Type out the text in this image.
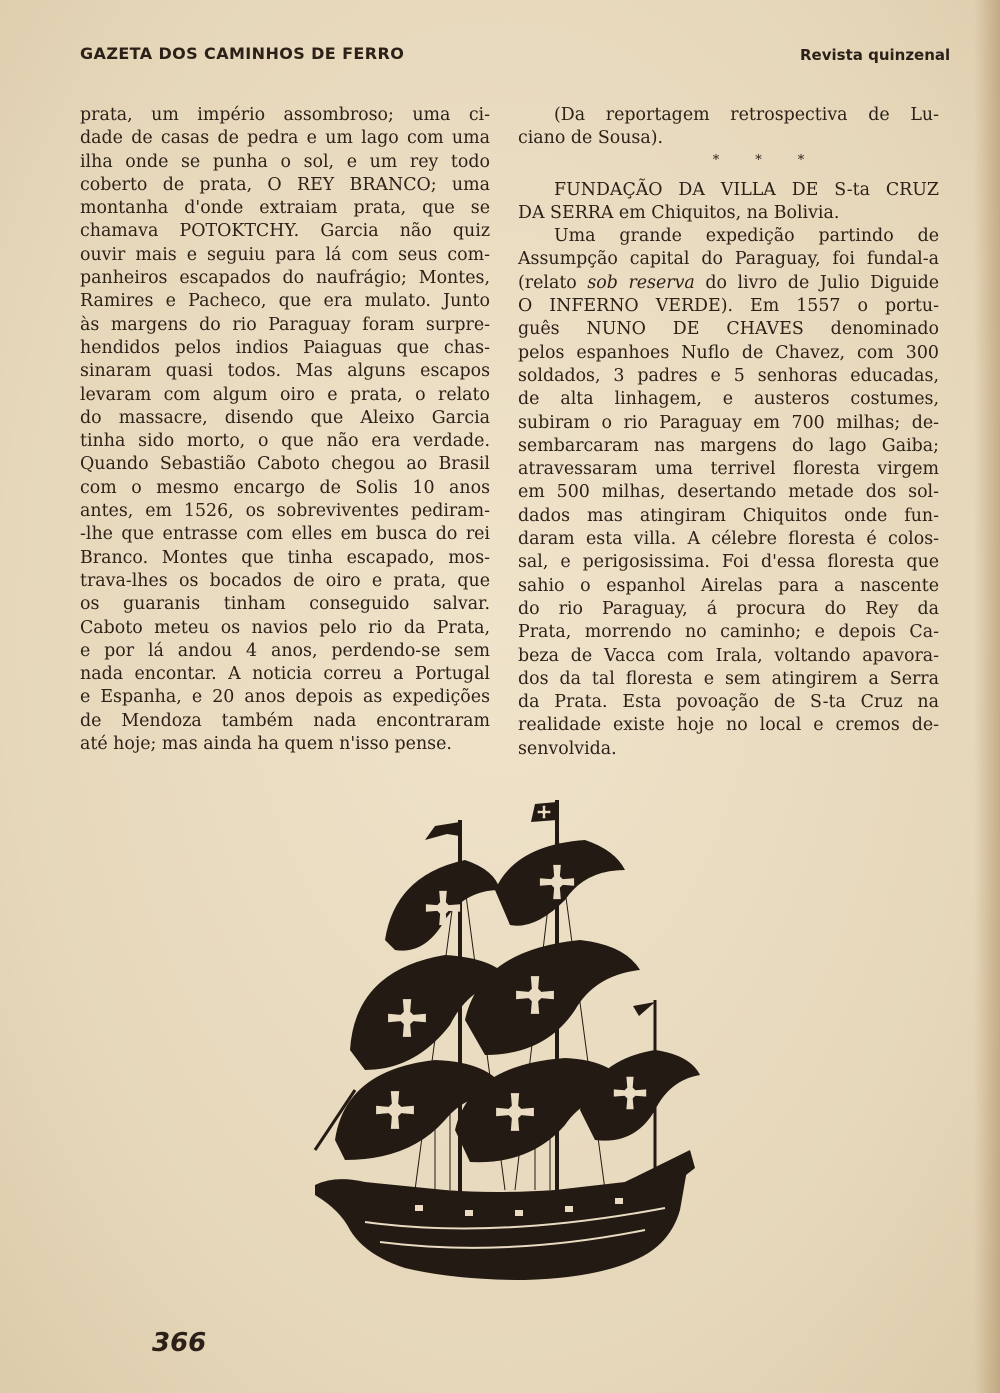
GAZETA DOS CAMINHOS DE FERRO	Revista quinzenal

prata, um império assombroso; uma ci-

dade de casas de pedra e um lago com uma

ilha onde se punha o sol, e um rey todo

coberto de prata, O REY BRANCO; uma

montanha d'onde extraiam prata, que se

chamava POTOKTCHY. Garcia não quiz

ouvir mais e seguiu para lá com seus com-

panheiros escapados do naufrágio; Montes,

Ramires e Pacheco, que era mulato. Junto

às margens do rio Paraguay foram surpre-

hendidos pelos indios Paiaguas que chas-

sinaram quasi todos. Mas alguns escapos

levaram com algum oiro e prata, o relato

do massacre, disendo que Aleixo Garcia

tinha sido morto, o que não era verdade.

Quando Sebastião Caboto chegou ao Brasil

com o mesmo encargo de Solis 10 anos

antes, em 1526, os sobreviventes pediram-

-lhe que entrasse com elles em busca do rei

Branco. Montes que tinha escapado, mos-

trava-lhes os bocados de oiro e prata, que

os guaranis tinham conseguido salvar.

Caboto meteu os navios pelo rio da Prata,

e por lá andou 4 anos, perdendo-se sem

nada encontar. A noticia correu a Portugal

e Espanha, e 20 anos depois as expedições

de Mendoza também nada encontraram

até hoje; mas ainda ha quem n'isso pense.

(Da reportagem retrospectiva de Lu-

ciano de Sousa).

*	*	*

FUNDAÇÃO DA VILLA DE S-ta CRUZ

DA SERRA em Chiquitos, na Bolivia.

Uma grande expedição partindo de

Assumpção capital do Paraguay, foi fundal-a

(relato sob reserva do livro de Julio Diguide

O INFERNO VERDE). Em 1557 o portu-

guês NUNO DE CHAVES denominado

pelos espanhoes Nuflo de Chavez, com 300

soldados, 3 padres e 5 senhoras educadas,

de alta linhagem, e austeros costumes,

subiram o rio Paraguay em 700 milhas; de-

sembarcaram nas margens do lago Gaiba;

atravessaram uma terrivel floresta virgem

em 500 milhas, desertando metade dos sol-

dados mas atingiram Chiquitos onde fun-

daram esta villa. A célebre floresta é colos-

sal, e perigosissima. Foi d'essa floresta que

sahio o espanhol Airelas para a nascente

do rio Paraguay, á procura do Rey da

Prata, morrendo no caminho; e depois Ca-

beza de Vacca com Irala, voltando apavora-

dos da tal floresta e sem atingirem a Serra

da Prata. Esta povoação de S-ta Cruz na

realidade existe hoje no local e cremos de-

senvolvida.

366
